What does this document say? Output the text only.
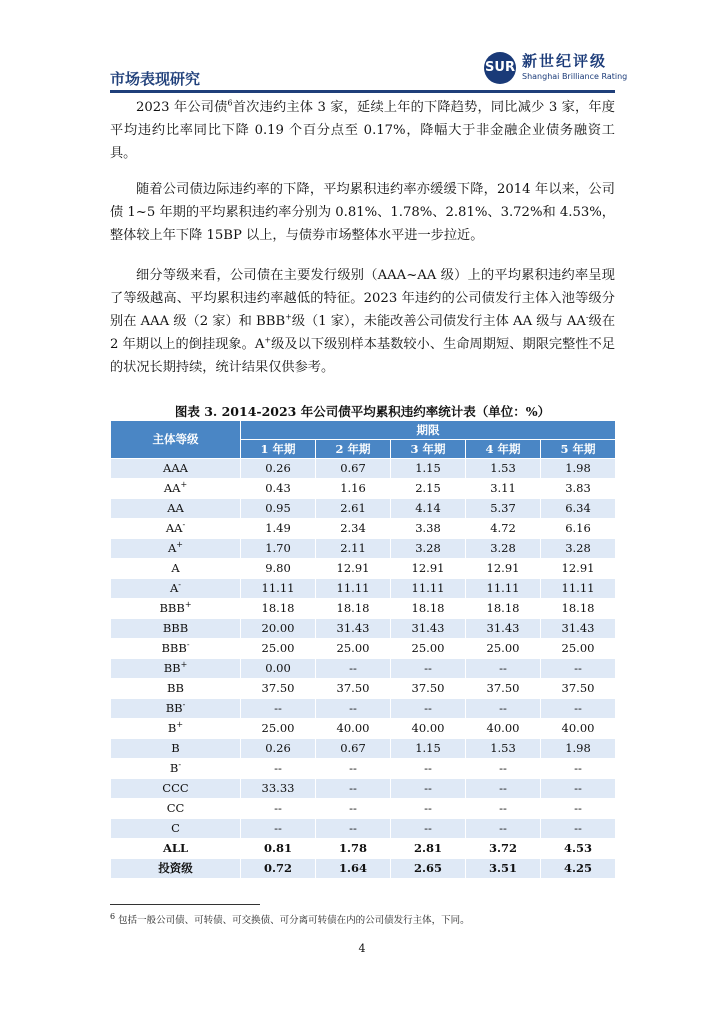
市场表现研究
SUR 新世纪评级
Shanghai Brilliance Rating

2023 年公司债$^6$首次违约主体 3 家，延续上年的下降趋势，同比减少 3 家，年度平均违约比率同比下降 0.19 个百分点至 0.17%，降幅大于非金融企业债务融资工具。

随着公司债边际违约率的下降，平均累积违约率亦缓缓下降，2014 年以来，公司债 1~5 年期的平均累积违约率分别为 0.81%、1.78%、2.81%、3.72%和 4.53%，整体较上年下降 15BP 以上，与债券市场整体水平进一步拉近。

细分等级来看，公司债在主要发行级别（AAA~AA 级）上的平均累积违约率呈现了等级越高、平均累积违约率越低的特征。2023 年违约的公司债发行主体入池等级分别在 AAA 级（2 家）和 BBB+级（1 家），未能改善公司债发行主体 AA 级与 AA-级在 2 年期以上的倒挂现象。A+级及以下级别样本基数较小、生命周期短、期限完整性不足的状况长期持续，统计结果仅供参考。

图表 3. 2014-2023 年公司债平均累积违约率统计表（单位：%）
主体等级	期限				
	1 年期	2 年期	3 年期	4 年期	5 年期
AAA	0.26	0.67	1.15	1.53	1.98
AA+	0.43	1.16	2.15	3.11	3.83
AA	0.95	2.61	4.14	5.37	6.34
AA-	1.49	2.34	3.38	4.72	6.16
A+	1.70	2.11	3.28	3.28	3.28
A	9.80	12.91	12.91	12.91	12.91
A-	11.11	11.11	11.11	11.11	11.11
BBB+	18.18	18.18	18.18	18.18	18.18
BBB	20.00	31.43	31.43	31.43	31.43
BBB-	25.00	25.00	25.00	25.00	25.00
BB+	0.00	--	--	--	--
BB	37.50	37.50	37.50	37.50	37.50
BB-	--	--	--	--	--
B+	25.00	40.00	40.00	40.00	40.00
B	0.26	0.67	1.15	1.53	1.98
B-	--	--	--	--	--
CCC	33.33	--	--	--	--
CC	--	--	--	--	--
C	--	--	--	--	--
ALL	0.81	1.78	2.81	3.72	4.53
投资级	0.72	1.64	2.65	3.51	4.25
$^6$ 包括一般公司债、可转债、可交换债、可分离可转债在内的公司债发行主体，下同。
4
